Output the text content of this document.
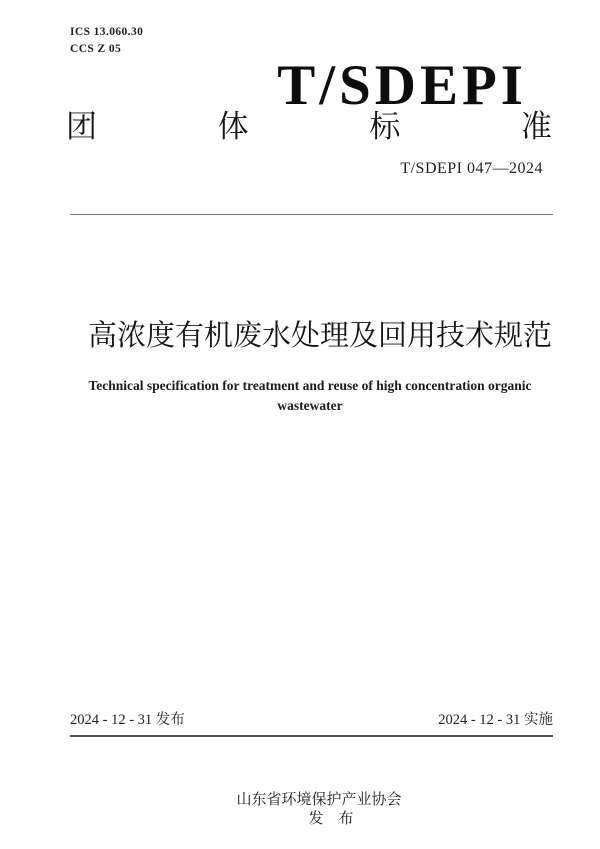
ICS 13.060.30
CCS Z 05
T/SDEPI
团	体	标	准
T/SDEPI 047—2024
高浓度有机废水处理及回用技术规范
Technical specification for treatment and reuse of high concentration organic
wastewater
2024 - 12 - 31 发布	2024 - 12 - 31 实施

山东省环境保护产业协会
发　布
